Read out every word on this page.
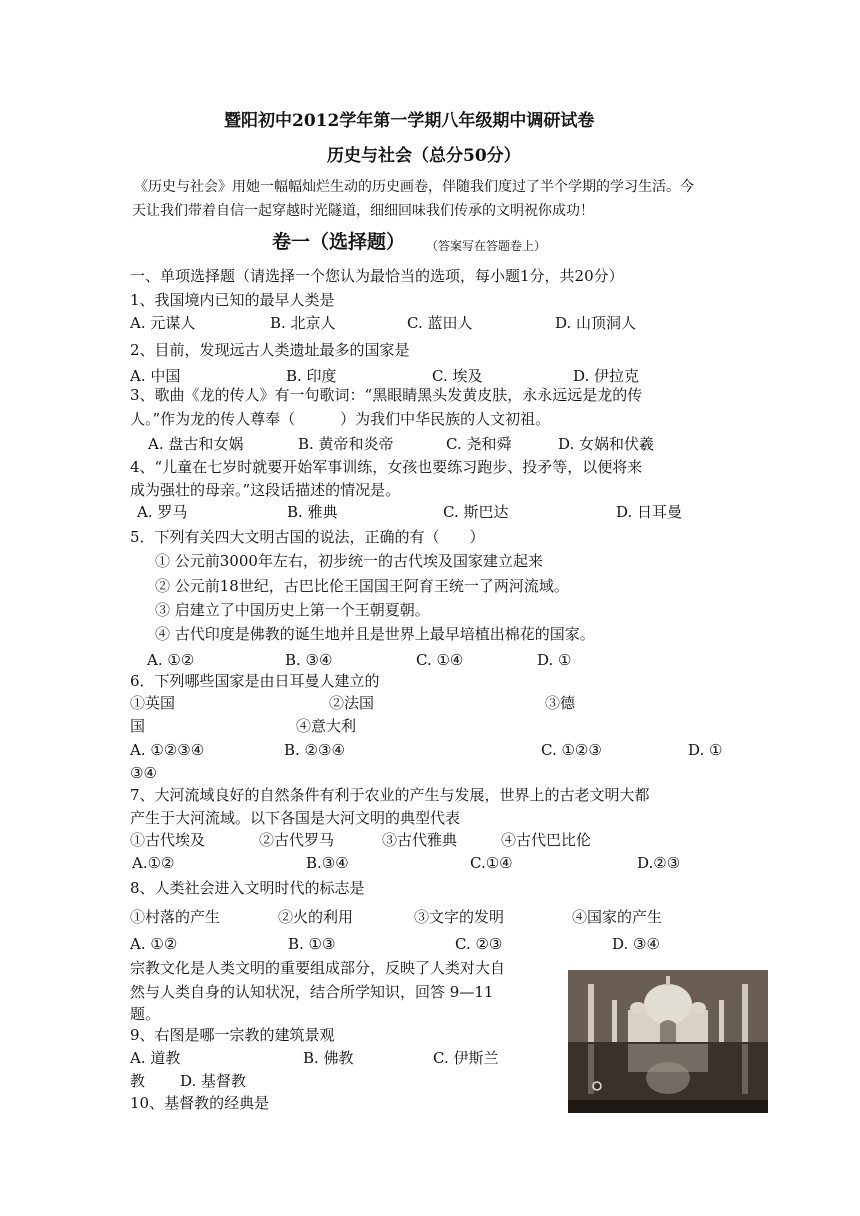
暨阳初中2012学年第一学期八年级期中调研试卷
历史与社会（总分50分）
《历史与社会》用她一幅幅灿烂生动的历史画卷，伴随我们度过了半个学期的学习生活。今
天让我们带着自信一起穿越时光隧道，细细回味我们传承的文明祝你成功！
卷一（选择题） （答案写在答题卷上）
一、单项选择题（请选择一个您认为最恰当的选项，每小题1分，共20分）
1、我国境内已知的最早人类是
A. 元谋人	B. 北京人	C. 蓝田人	D. 山顶洞人
2、目前，发现远古人类遗址最多的国家是
A. 中国	B. 印度	C. 埃及	D. 伊拉克
3、歌曲《龙的传人》有一句歌词：“黑眼睛黑头发黄皮肤，永永远远是龙的传
人。”作为龙的传人尊奉（　　　）为我们中华民族的人文初祖。
A. 盘古和女娲	B. 黄帝和炎帝	C. 尧和舜	D. 女娲和伏羲
4、“儿童在七岁时就要开始军事训练，女孩也要练习跑步、投矛等，以便将来
成为强壮的母亲。”这段话描述的情况是。
A. 罗马	B. 雅典	C. 斯巴达	D. 日耳曼
5．下列有关四大文明古国的说法，正确的有（　　）
① 公元前3000年左右，初步统一的古代埃及国家建立起来
② 公元前18世纪，古巴比伦王国国王阿育王统一了两河流域。
③ 启建立了中国历史上第一个王朝夏朝。
④ 古代印度是佛教的诞生地并且是世界上最早培植出棉花的国家。
A. ①②	B. ③④	C. ①④	D. ①
6．下列哪些国家是由日耳曼人建立的
①英国	②法国	③德
国	④意大利
A. ①②③④	B. ②③④	C. ①②③	D. ①
③④
7、大河流域良好的自然条件有利于农业的产生与发展，世界上的古老文明大都
产生于大河流域。以下各国是大河文明的典型代表
①古代埃及	②古代罗马	③古代雅典	④古代巴比伦
A.①②	B.③④	C.①④	D.②③
8、人类社会进入文明时代的标志是
①村落的产生	②火的利用	③文字的发明	④国家的产生
A. ①②	B. ①③	C. ②③	D. ③④
宗教文化是人类文明的重要组成部分，反映了人类对大自
然与人类自身的认知状况，结合所学知识，回答 9—11
题。
9、右图是哪一宗教的建筑景观
A. 道教	B. 佛教	C. 伊斯兰
教 D. 基督教
10、基督教的经典是
